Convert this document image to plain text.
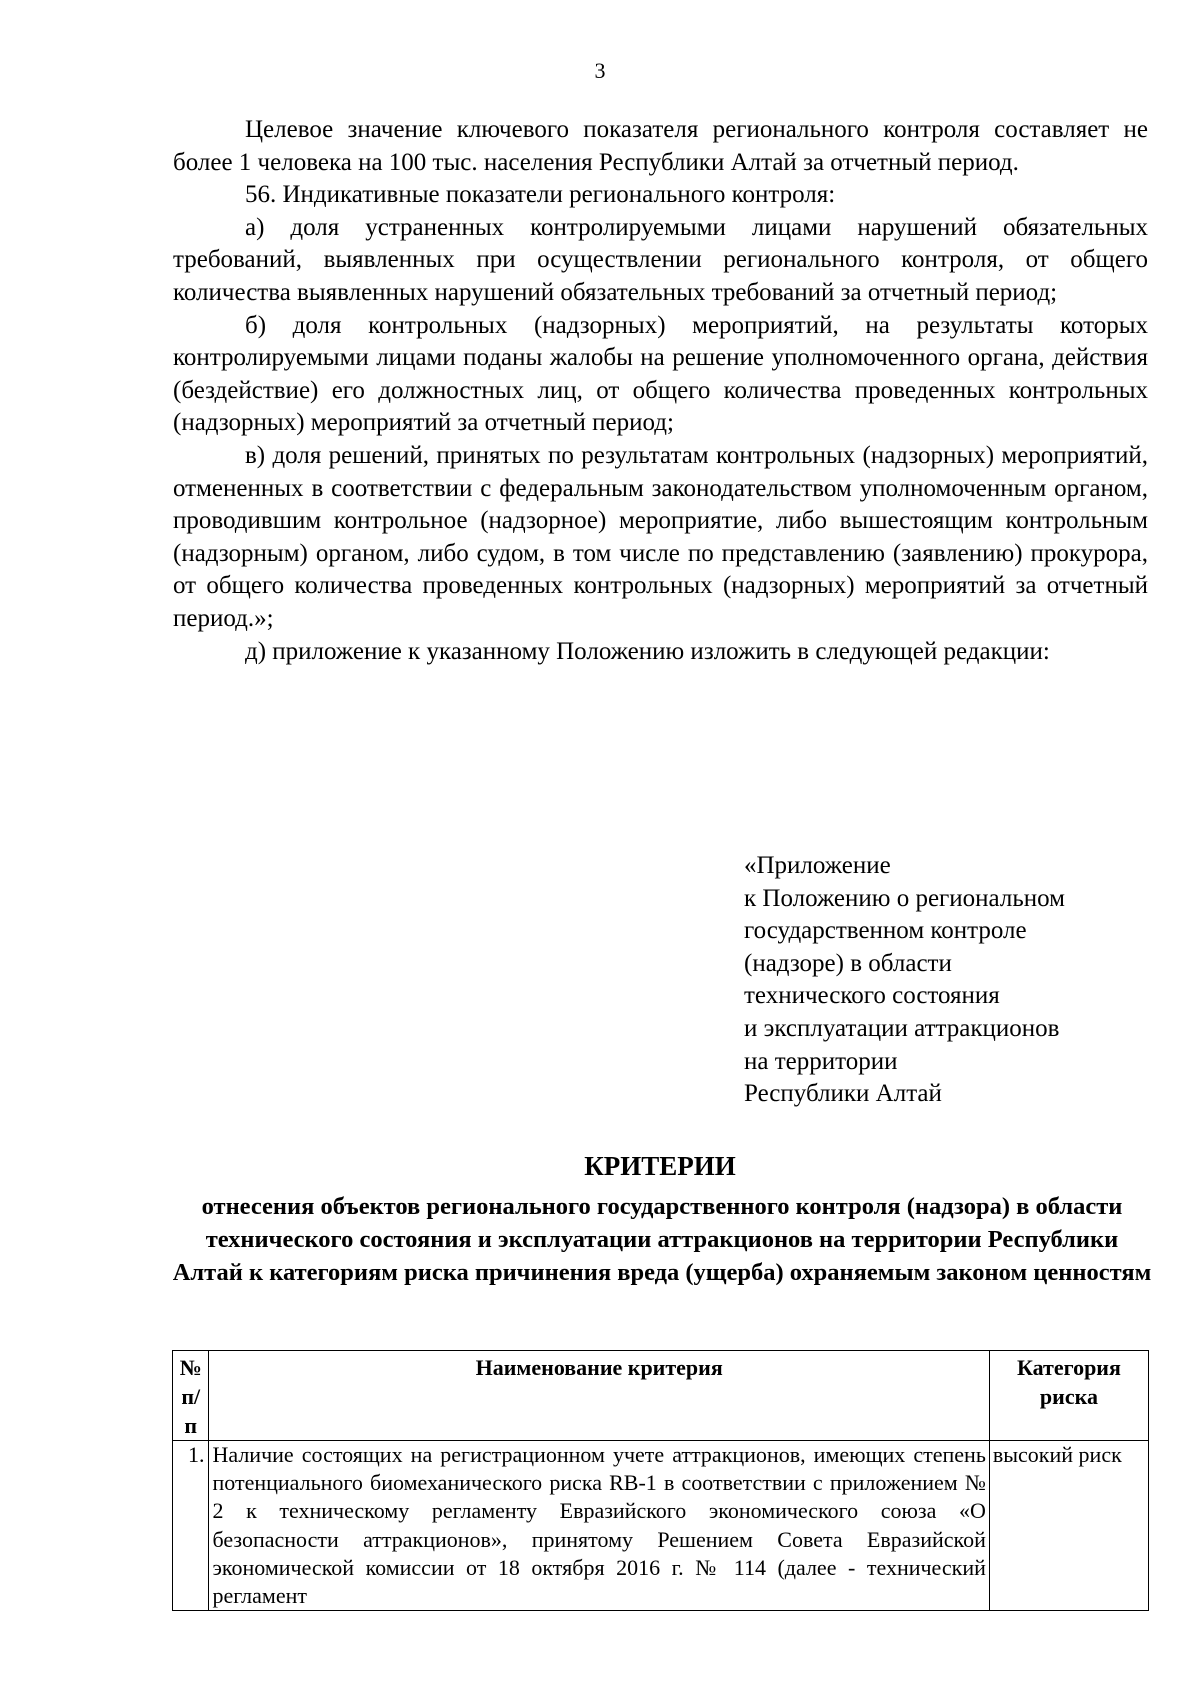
3

Целевое значение ключевого показателя регионального контроля составляет не более 1 человека на 100 тыс. населения Республики Алтай за отчетный период.

56. Индикативные показатели регионального контроля:

а) доля устраненных контролируемыми лицами нарушений обязательных требований, выявленных при осуществлении регионального контроля, от общего количества выявленных нарушений обязательных требований за отчетный период;

б) доля контрольных (надзорных) мероприятий, на результаты которых контролируемыми лицами поданы жалобы на решение уполномоченного органа, действия (бездействие) его должностных лиц, от общего количества проведенных контрольных (надзорных) мероприятий за отчетный период;

в) доля решений, принятых по результатам контрольных (надзорных) мероприятий, отмененных в соответствии с федеральным законодательством уполномоченным органом, проводившим контрольное (надзорное) мероприятие, либо вышестоящим контрольным (надзорным) органом, либо судом, в том числе по представлению (заявлению) прокурора, от общего количества проведенных контрольных (надзорных) мероприятий за отчетный период.»;

д) приложение к указанному Положению изложить в следующей редакции:

«Приложение
к Положению о региональном
государственном контроле
(надзоре) в области
технического состояния
и эксплуатации аттракционов
на территории
Республики Алтай
КРИТЕРИИ
отнесения объектов регионального государственного контроля (надзора) в области технического состояния и эксплуатации аттракционов на территории Республики Алтай к категориям риска причинения вреда (ущерба) охраняемым законом ценностям
№ п/п	Наименование критерия	Категория риска
1.	Наличие состоящих на регистрационном учете аттракционов, имеющих степень потенциального биомеханического риска RB-1 в соответствии с приложением № 2 к техническому регламенту Евразийского экономического союза «О безопасности аттракционов», принятому Решением Совета Евразийской экономической комиссии от 18 октября 2016 г. № 114 (далее - технический регламент	высокий риск
